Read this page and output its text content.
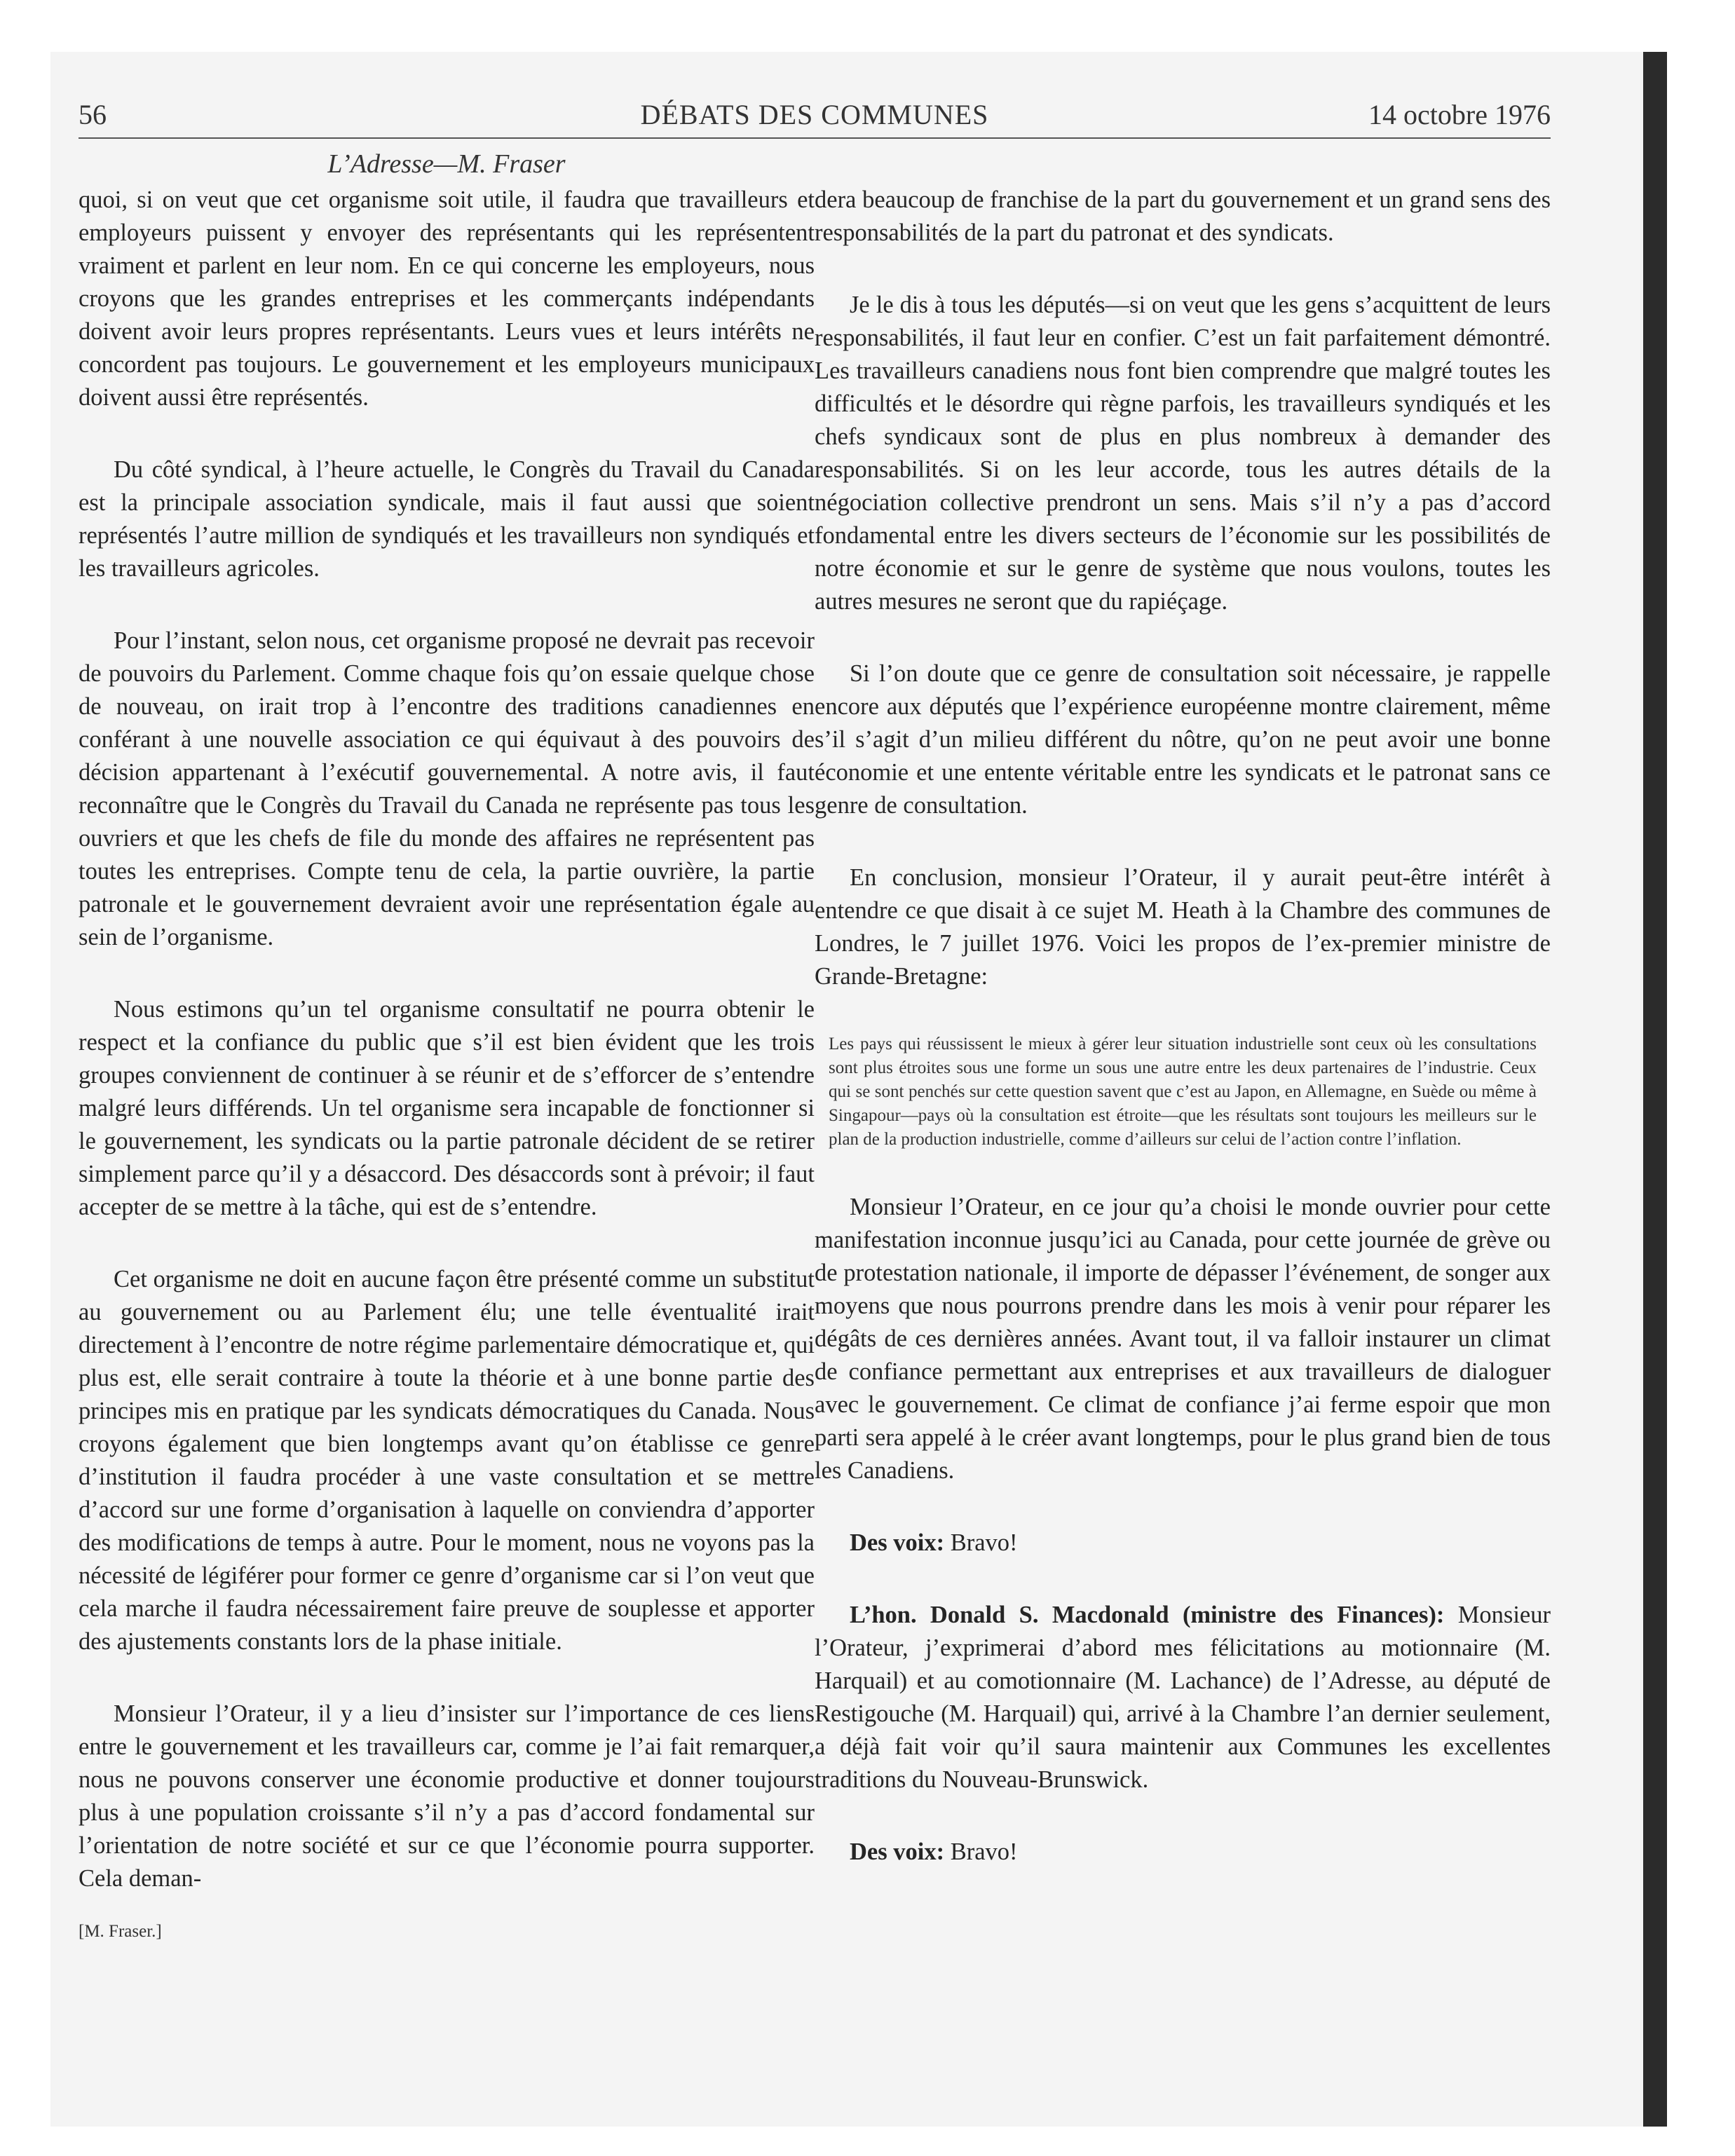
56	DÉBATS DES COMMUNES	14 octobre 1976
L’Adresse—M. Fraser

quoi, si on veut que cet organisme soit utile, il faudra que travailleurs et employeurs puissent y envoyer des représentants qui les représentent vraiment et parlent en leur nom. En ce qui concerne les employeurs, nous croyons que les grandes entreprises et les commerçants indépendants doivent avoir leurs propres représentants. Leurs vues et leurs intérêts ne concordent pas toujours. Le gouvernement et les employeurs municipaux doivent aussi être représentés.

Du côté syndical, à l’heure actuelle, le Congrès du Travail du Canada est la principale association syndicale, mais il faut aussi que soient représentés l’autre million de syndiqués et les travailleurs non syndiqués et les travailleurs agricoles.

Pour l’instant, selon nous, cet organisme proposé ne devrait pas recevoir de pouvoirs du Parlement. Comme chaque fois qu’on essaie quelque chose de nouveau, on irait trop à l’encontre des traditions canadiennes en conférant à une nouvelle association ce qui équivaut à des pouvoirs de décision appartenant à l’exécutif gouvernemental. A notre avis, il faut reconnaître que le Congrès du Travail du Canada ne représente pas tous les ouvriers et que les chefs de file du monde des affaires ne représentent pas toutes les entreprises. Compte tenu de cela, la partie ouvrière, la partie patronale et le gouvernement devraient avoir une représentation égale au sein de l’organisme.

Nous estimons qu’un tel organisme consultatif ne pourra obtenir le respect et la confiance du public que s’il est bien évident que les trois groupes conviennent de continuer à se réunir et de s’efforcer de s’entendre malgré leurs différends. Un tel organisme sera incapable de fonctionner si le gouvernement, les syndicats ou la partie patronale décident de se retirer simplement parce qu’il y a désaccord. Des désaccords sont à prévoir; il faut accepter de se mettre à la tâche, qui est de s’entendre.

Cet organisme ne doit en aucune façon être présenté comme un substitut au gouvernement ou au Parlement élu; une telle éventualité irait directement à l’encontre de notre régime parlementaire démocratique et, qui plus est, elle serait contraire à toute la théorie et à une bonne partie des principes mis en pratique par les syndicats démocratiques du Canada. Nous croyons également que bien longtemps avant qu’on établisse ce genre d’institution il faudra procéder à une vaste consultation et se mettre d’accord sur une forme d’organisation à laquelle on conviendra d’apporter des modifications de temps à autre. Pour le moment, nous ne voyons pas la nécessité de légiférer pour former ce genre d’organisme car si l’on veut que cela marche il faudra nécessairement faire preuve de souplesse et apporter des ajustements constants lors de la phase initiale.

Monsieur l’Orateur, il y a lieu d’insister sur l’importance de ces liens entre le gouvernement et les travailleurs car, comme je l’ai fait remarquer, nous ne pouvons conserver une économie productive et donner toujours plus à une population croissante s’il n’y a pas d’accord fondamental sur l’orientation de notre société et sur ce que l’économie pourra supporter. Cela deman-

[M. Fraser.]

dera beaucoup de franchise de la part du gouvernement et un grand sens des responsabilités de la part du patronat et des syndicats.

Je le dis à tous les députés—si on veut que les gens s’acquittent de leurs responsabilités, il faut leur en confier. C’est un fait parfaitement démontré. Les travailleurs canadiens nous font bien comprendre que malgré toutes les difficultés et le désordre qui règne parfois, les travailleurs syndiqués et les chefs syndicaux sont de plus en plus nombreux à demander des responsabilités. Si on les leur accorde, tous les autres détails de la négociation collective prendront un sens. Mais s’il n’y a pas d’accord fondamental entre les divers secteurs de l’économie sur les possibilités de notre économie et sur le genre de système que nous voulons, toutes les autres mesures ne seront que du rapiéçage.

Si l’on doute que ce genre de consultation soit nécessaire, je rappelle encore aux députés que l’expérience européenne montre clairement, même s’il s’agit d’un milieu différent du nôtre, qu’on ne peut avoir une bonne économie et une entente véritable entre les syndicats et le patronat sans ce genre de consultation.

En conclusion, monsieur l’Orateur, il y aurait peut-être intérêt à entendre ce que disait à ce sujet M. Heath à la Chambre des communes de Londres, le 7 juillet 1976. Voici les propos de l’ex-premier ministre de Grande-Bretagne:

Les pays qui réussissent le mieux à gérer leur situation industrielle sont ceux où les consultations sont plus étroites sous une forme un sous une autre entre les deux partenaires de l’industrie. Ceux qui se sont penchés sur cette question savent que c’est au Japon, en Allemagne, en Suède ou même à Singapour—pays où la consultation est étroite—que les résultats sont toujours les meilleurs sur le plan de la production industrielle, comme d’ailleurs sur celui de l’action contre l’inflation.

Monsieur l’Orateur, en ce jour qu’a choisi le monde ouvrier pour cette manifestation inconnue jusqu’ici au Canada, pour cette journée de grève ou de protestation nationale, il importe de dépasser l’événement, de songer aux moyens que nous pourrons prendre dans les mois à venir pour réparer les dégâts de ces dernières années. Avant tout, il va falloir instaurer un climat de confiance permettant aux entreprises et aux travailleurs de dialoguer avec le gouvernement. Ce climat de confiance j’ai ferme espoir que mon parti sera appelé à le créer avant longtemps, pour le plus grand bien de tous les Canadiens.

Des voix: Bravo!

L’hon. Donald S. Macdonald (ministre des Finances): Monsieur l’Orateur, j’exprimerai d’abord mes félicitations au motionnaire (M. Harquail) et au comotionnaire (M. Lachance) de l’Adresse, au député de Restigouche (M. Harquail) qui, arrivé à la Chambre l’an dernier seulement, a déjà fait voir qu’il saura maintenir aux Communes les excellentes traditions du Nouveau-Brunswick.

Des voix: Bravo!
